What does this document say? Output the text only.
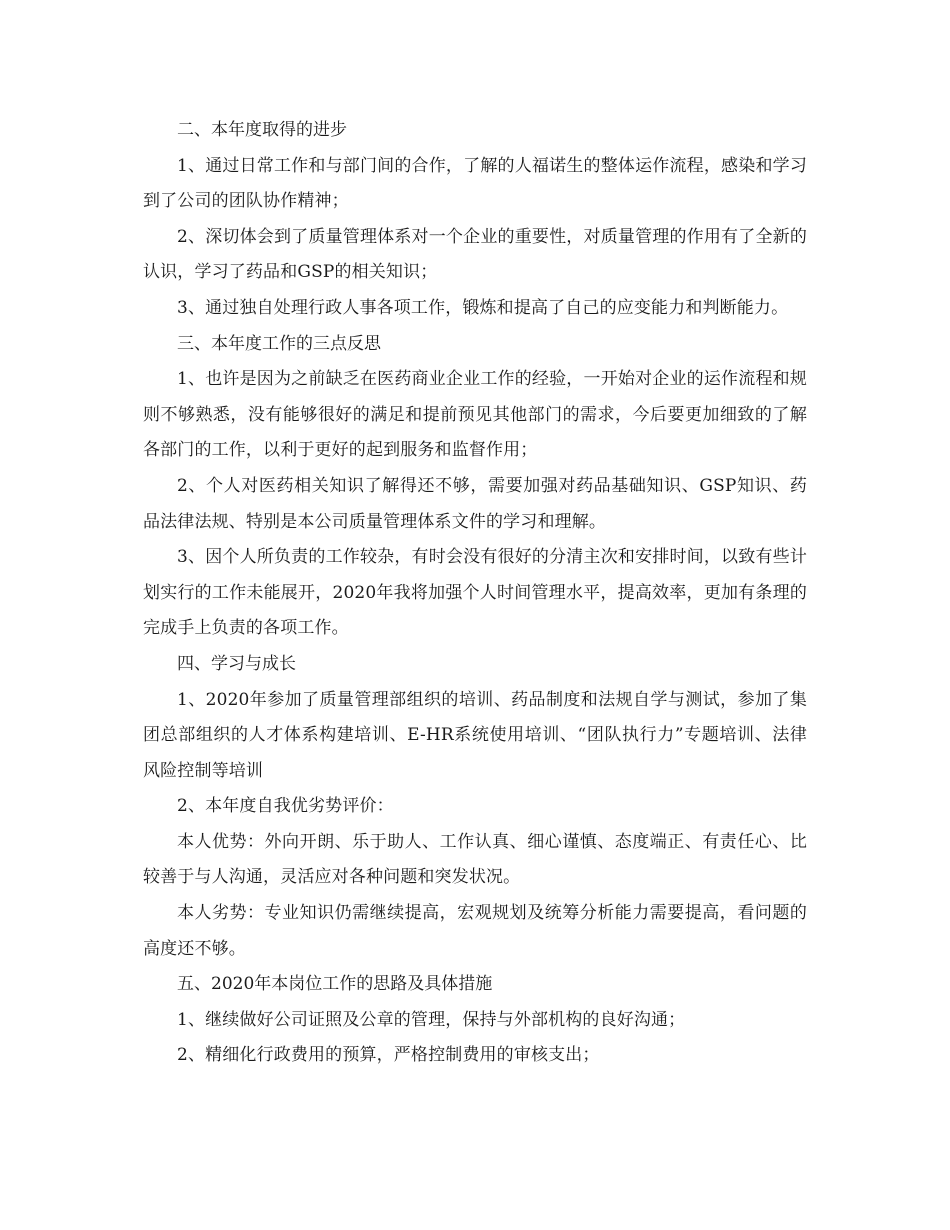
二、本年度取得的进步

1、通过日常工作和与部门间的合作，了解的人福诺生的整体运作流程，感染和学习到了公司的团队协作精神；

2、深切体会到了质量管理体系对一个企业的重要性，对质量管理的作用有了全新的认识，学习了药品和GSP的相关知识；

3、通过独自处理行政人事各项工作，锻炼和提高了自己的应变能力和判断能力。

三、本年度工作的三点反思

1、也许是因为之前缺乏在医药商业企业工作的经验，一开始对企业的运作流程和规则不够熟悉，没有能够很好的满足和提前预见其他部门的需求，今后要更加细致的了解各部门的工作，以利于更好的起到服务和监督作用；

2、个人对医药相关知识了解得还不够，需要加强对药品基础知识、GSP知识、药品法律法规、特别是本公司质量管理体系文件的学习和理解。

3、因个人所负责的工作较杂，有时会没有很好的分清主次和安排时间，以致有些计划实行的工作未能展开，2020年我将加强个人时间管理水平，提高效率，更加有条理的完成手上负责的各项工作。

四、学习与成长

1、2020年参加了质量管理部组织的培训、药品制度和法规自学与测试，参加了集团总部组织的人才体系构建培训、E-HR系统使用培训、“团队执行力”专题培训、法律风险控制等培训

2、本年度自我优劣势评价：

本人优势：外向开朗、乐于助人、工作认真、细心谨慎、态度端正、有责任心、比较善于与人沟通，灵活应对各种问题和突发状况。

本人劣势：专业知识仍需继续提高，宏观规划及统筹分析能力需要提高，看问题的高度还不够。

五、2020年本岗位工作的思路及具体措施

1、继续做好公司证照及公章的管理，保持与外部机构的良好沟通；

2、精细化行政费用的预算，严格控制费用的审核支出；
